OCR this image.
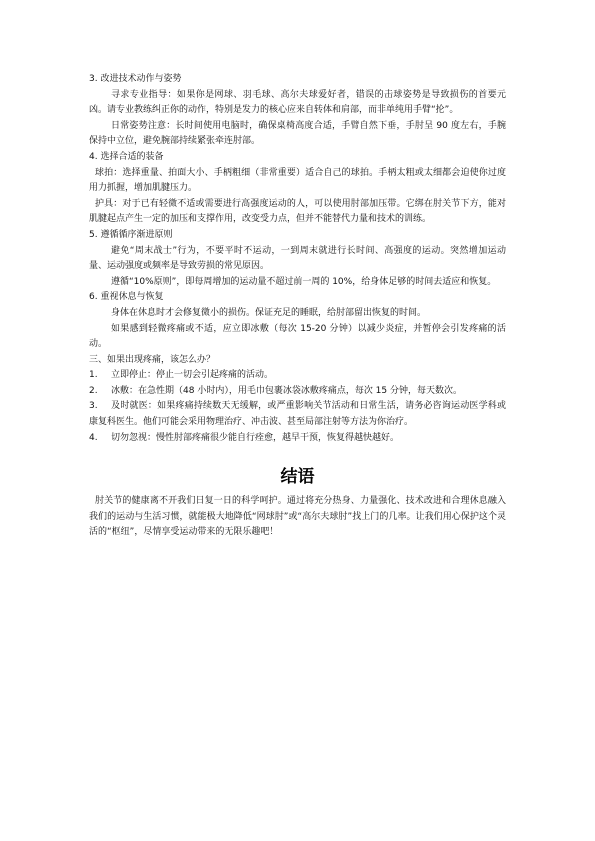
3. 改进技术动作与姿势

寻求专业指导：如果你是网球、羽毛球、高尔夫球爱好者，错误的击球姿势是导致损伤的首要元凶。请专业教练纠正你的动作，特别是发力的核心应来自转体和肩部，而非单纯用手臂“抡”。

日常姿势注意：长时间使用电脑时，确保桌椅高度合适，手臂自然下垂，手肘呈 90 度左右，手腕保持中立位，避免腕部持续紧张牵连肘部。

4. 选择合适的装备

球拍：选择重量、拍面大小、手柄粗细（非常重要）适合自己的球拍。手柄太粗或太细都会迫使你过度用力抓握，增加肌腱压力。

护具：对于已有轻微不适或需要进行高强度运动的人，可以使用肘部加压带。它绑在肘关节下方，能对肌腱起点产生一定的加压和支撑作用，改变受力点，但并不能替代力量和技术的训练。

5. 遵循循序渐进原则

避免“周末战士”行为，不要平时不运动，一到周末就进行长时间、高强度的运动。突然增加运动量、运动强度或频率是导致劳损的常见原因。

遵循“10%原则”，即每周增加的运动量不超过前一周的 10%，给身体足够的时间去适应和恢复。

6. 重视休息与恢复

身体在休息时才会修复微小的损伤。保证充足的睡眠，给肘部留出恢复的时间。

如果感到轻微疼痛或不适，应立即冰敷（每次 15-20 分钟）以减少炎症，并暂停会引发疼痛的活动。

三、如果出现疼痛，该怎么办？

1. 立即停止：停止一切会引起疼痛的活动。

2. 冰敷：在急性期（48 小时内），用毛巾包裹冰袋冰敷疼痛点，每次 15 分钟，每天数次。

3. 及时就医：如果疼痛持续数天无缓解，或严重影响关节活动和日常生活，请务必咨询运动医学科或康复科医生。他们可能会采用物理治疗、冲击波、甚至局部注射等方法为你治疗。

4. 切勿忽视：慢性肘部疼痛很少能自行痊愈，越早干预，恢复得越快越好。

结语

肘关节的健康离不开我们日复一日的科学呵护。通过将充分热身、力量强化、技术改进和合理休息融入我们的运动与生活习惯，就能极大地降低“网球肘”或“高尔夫球肘”找上门的几率。让我们用心保护这个灵活的“枢纽”，尽情享受运动带来的无限乐趣吧！
